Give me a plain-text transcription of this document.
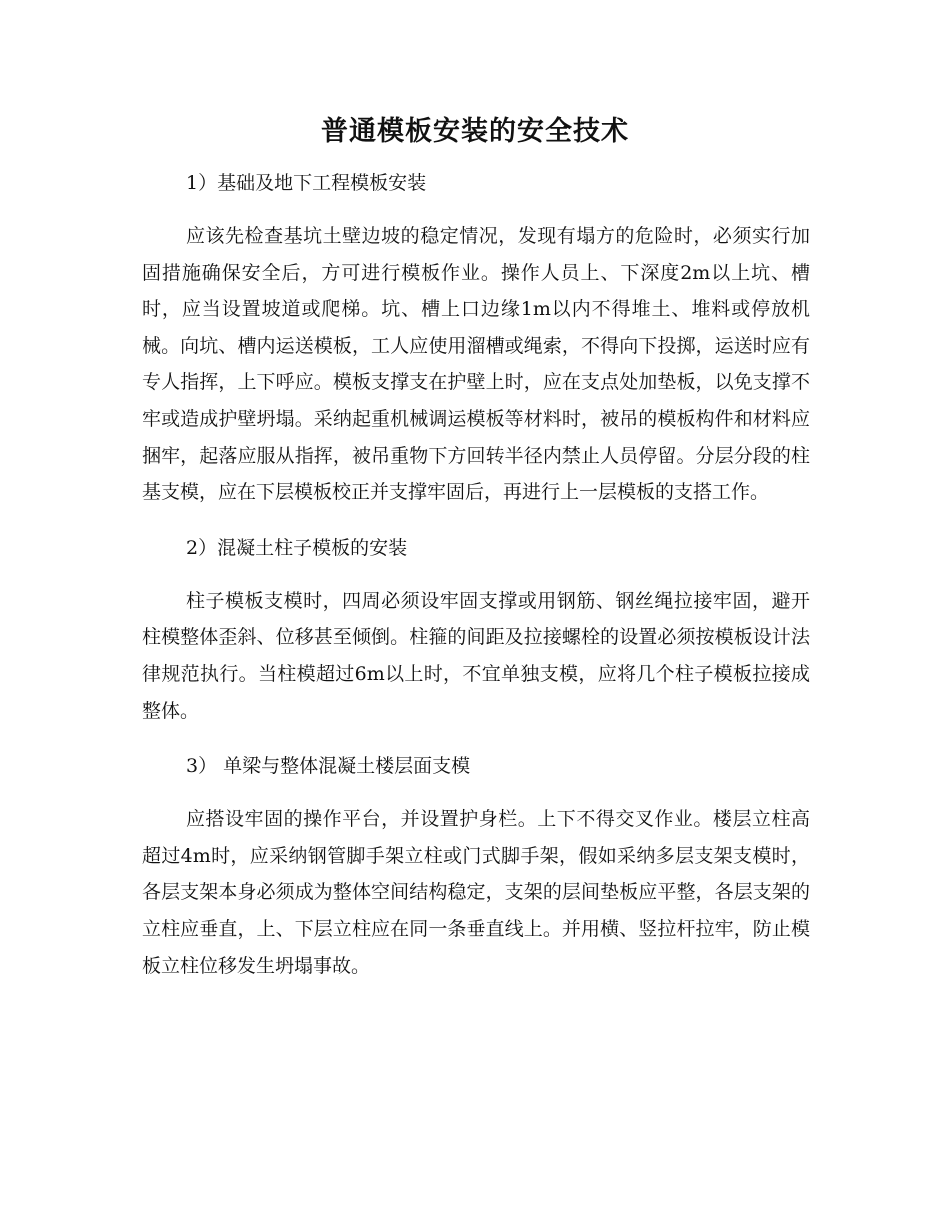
普通模板安装的安全技术

1）基础及地下工程模板安装

应该先检查基坑土壁边坡的稳定情况，发现有塌方的危险时，必须实行加固措施确保安全后，方可进行模板作业。操作人员上、下深度2m以上坑、槽时，应当设置坡道或爬梯。坑、槽上口边缘1m以内不得堆土、堆料或停放机械。向坑、槽内运送模板，工人应使用溜槽或绳索，不得向下投掷，运送时应有专人指挥，上下呼应。模板支撑支在护壁上时，应在支点处加垫板，以免支撑不牢或造成护壁坍塌。采纳起重机械调运模板等材料时，被吊的模板构件和材料应捆牢，起落应服从指挥，被吊重物下方回转半径内禁止人员停留。分层分段的柱基支模，应在下层模板校正并支撑牢固后，再进行上一层模板的支搭工作。

2）混凝土柱子模板的安装

柱子模板支模时，四周必须设牢固支撑或用钢筋、钢丝绳拉接牢固，避开柱模整体歪斜、位移甚至倾倒。柱箍的间距及拉接螺栓的设置必须按模板设计法律规范执行。当柱模超过6m以上时，不宜单独支模，应将几个柱子模板拉接成整体。

3） 单梁与整体混凝土楼层面支模

应搭设牢固的操作平台，并设置护身栏。上下不得交叉作业。楼层立柱高超过4m时，应采纳钢管脚手架立柱或门式脚手架，假如采纳多层支架支模时，各层支架本身必须成为整体空间结构稳定，支架的层间垫板应平整，各层支架的立柱应垂直，上、下层立柱应在同一条垂直线上。并用横、竖拉杆拉牢，防止模板立柱位移发生坍塌事故。
